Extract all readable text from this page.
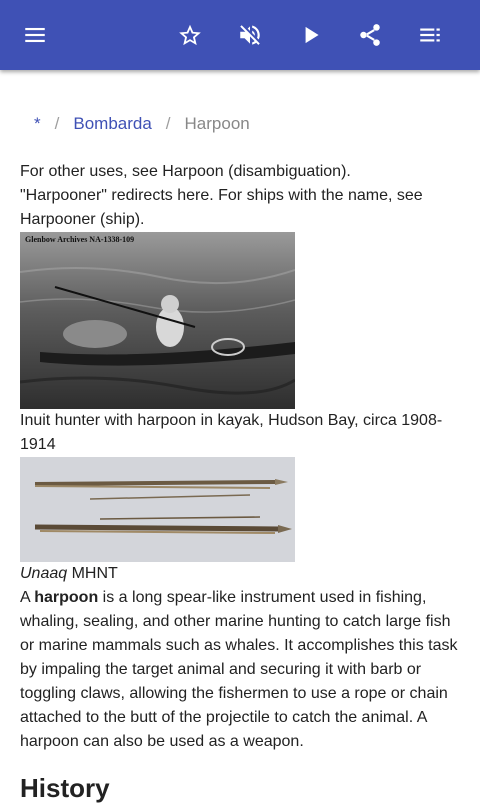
* / Bombarda / Harpoon

For other uses, see Harpoon (disambiguation).

"Harpooner" redirects here. For ships with the name, see Harpooner (ship).

Glenbow Archives NA-1338-109

Inuit hunter with harpoon in kayak, Hudson Bay, circa 1908-1914

Unaaq MHNT

A harpoon is a long spear-like instrument used in fishing, whaling, sealing, and other marine hunting to catch large fish or marine mammals such as whales. It accomplishes this task by impaling the target animal and securing it with barb or toggling claws, allowing the fishermen to use a rope or chain attached to the butt of the projectile to catch the animal. A harpoon can also be used as a weapon.

History
